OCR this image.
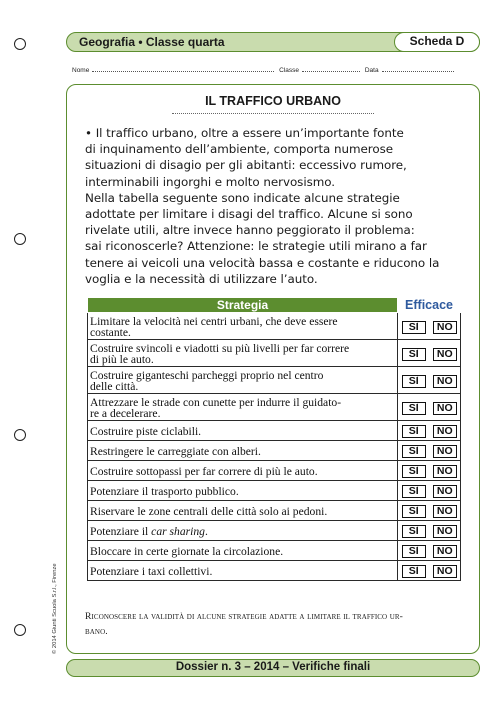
Geografia • Classe quarta	Scheda D
Nome	Classe	Data
IL TRAFFICO URBANO

• Il traffico urbano, oltre a essere un’importante fonte

di inquinamento dell’ambiente, comporta numerose

situazioni di disagio per gli abitanti: eccessivo rumore,

interminabili ingorghi e molto nervosismo.

Nella tabella seguente sono indicate alcune strategie

adottate per limitare i disagi del traffico. Alcune si sono

rivelate utili, altre invece hanno peggiorato il problema:

sai riconoscerle? Attenzione: le strategie utili mirano a far

tenere ai veicoli una velocità bassa e costante e riducono la

voglia e la necessità di utilizzare l’auto.

Strategia	Efficace	

Limitare la velocità nei centri urbani, che deve essere
costante.	SÌ	NO

Costruire svincoli e viadotti su più livelli per far correre
di più le auto.	SÌ	NO

Costruire giganteschi parcheggi proprio nel centro
delle città.	SÌ	NO

Attrezzare le strade con cunette per indurre il guidato-
re a decelerare.	SÌ	NO

Costruire piste ciclabili.	SÌ	NO

Restringere le carreggiate con alberi.	SÌ	NO

Costruire sottopassi per far correre di più le auto.	SÌ	NO

Potenziare il trasporto pubblico.	SÌ	NO

Riservare le zone centrali delle città solo ai pedoni.	SÌ	NO

Potenziare il car sharing.	SÌ	NO

Bloccare in certe giornate la circolazione.	SÌ	NO

Potenziare i taxi collettivi.	SÌ	NO

Riconoscere la validità di alcune strategie adatte a limitare il traffico ur-

bano.

© 2014 Giunti Scuola S.r.l., Firenze
Dossier n. 3 – 2014 – Verifiche finali
